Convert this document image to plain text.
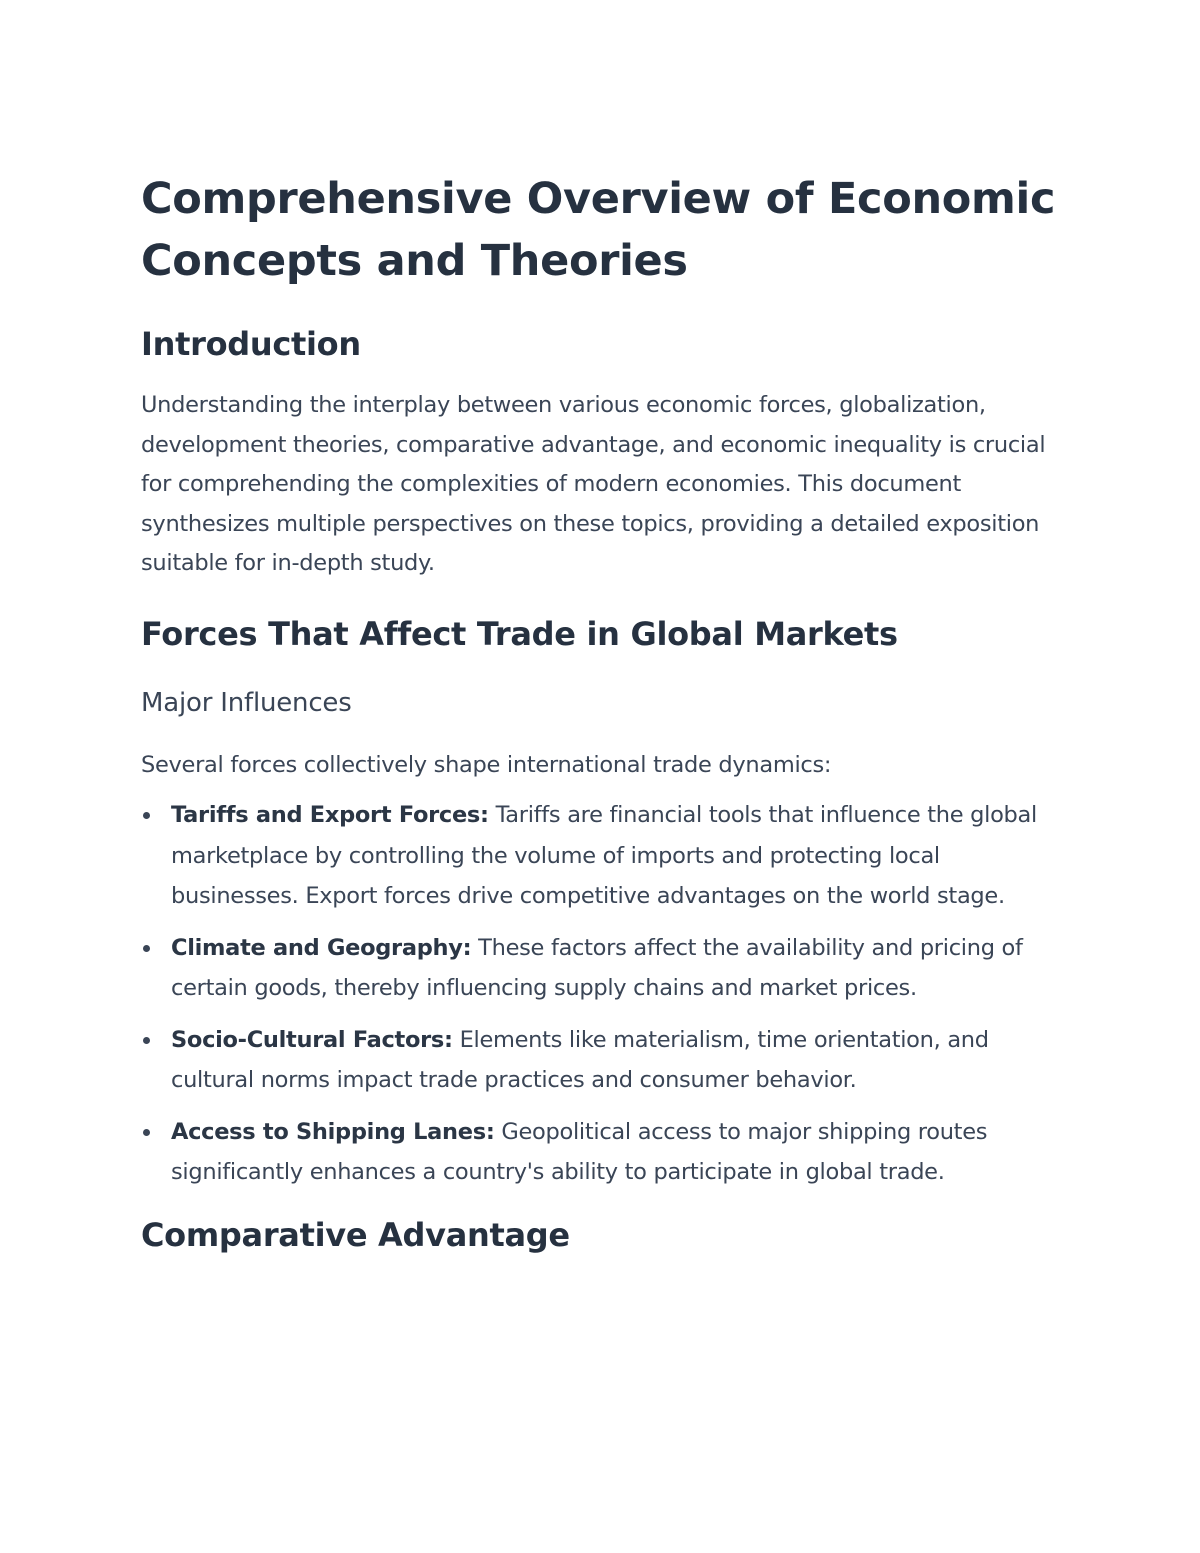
Comprehensive Overview of Economic Concepts and Theories
Introduction

Understanding the interplay between various economic forces, globalization, development theories, comparative advantage, and economic inequality is crucial for comprehending the complexities of modern economies. This document synthesizes multiple perspectives on these topics, providing a detailed exposition suitable for in-depth study.

Forces That Affect Trade in Global Markets
Major Influences

Several forces collectively shape international trade dynamics:

Tariffs and Export Forces: Tariffs are financial tools that influence the global marketplace by controlling the volume of imports and protecting local businesses. Export forces drive competitive advantages on the world stage.
Climate and Geography: These factors affect the availability and pricing of certain goods, thereby influencing supply chains and market prices.
Socio-Cultural Factors: Elements like materialism, time orientation, and cultural norms impact trade practices and consumer behavior.
Access to Shipping Lanes: Geopolitical access to major shipping routes significantly enhances a country's ability to participate in global trade.
Comparative Advantage
